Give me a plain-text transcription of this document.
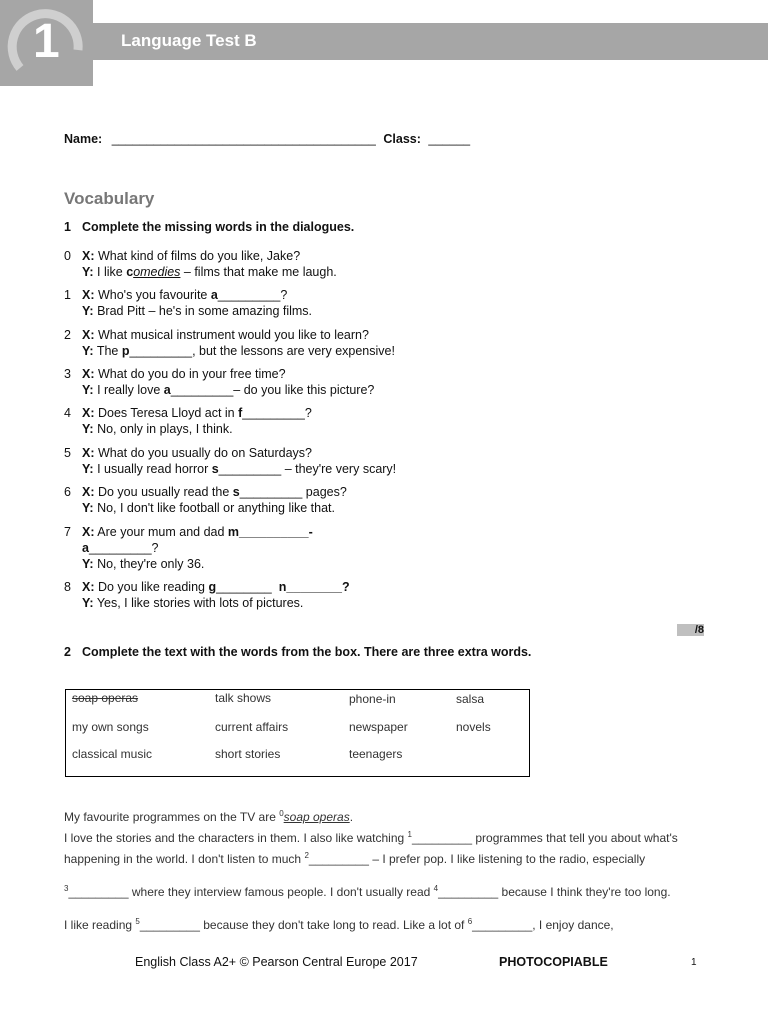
1	Language Test B
Name: ______________________________________ Class: ______
Vocabulary
1 Complete the missing words in the dialogues.
0 X: What kind of films do you like, Jake?
Y: I like comedies – films that make me laugh.
1 X: Who's you favourite a_________?
Y: Brad Pitt – he's in some amazing films.
2 X: What musical instrument would you like to learn?
Y: The p_________, but the lessons are very expensive!
3 X: What do you do in your free time?
Y: I really love a_________– do you like this picture?
4 X: Does Teresa Lloyd act in f_________?
Y: No, only in plays, I think.
5 X: What do you usually do on Saturdays?
Y: I usually read horror s_________ – they're very scary!
6 X: Do you usually read the s_________ pages?
Y: No, I don't like football or anything like that.
7 X: Are your mum and dad m__________-
a_________?
Y: No, they're only 36.
8 X: Do you like reading g________ n________?
Y: Yes, I like stories with lots of pictures.
/8
2 Complete the text with the words from the box. There are three extra words.
soap operas	talk shows	phone-in	salsa
my own songs	current affairs	newspaper	novels
classical music	short stories	teenagers
My favourite programmes on the TV are $^0$soap operas.
I love the stories and the characters in them. I also like watching $^1$_________ programmes that tell you about what's
happening in the world. I don't listen to much $^2$_________ – I prefer pop. I like listening to the radio, especially
$^3$_________ where they interview famous people. I don't usually read $^4$_________ because I think they're too long.
I like reading $^5$_________ because they don't take long to read. Like a lot of $^6$_________, I enjoy dance,
English Class A2+ © Pearson Central Europe 2017	PHOTOCOPIABLE	1
